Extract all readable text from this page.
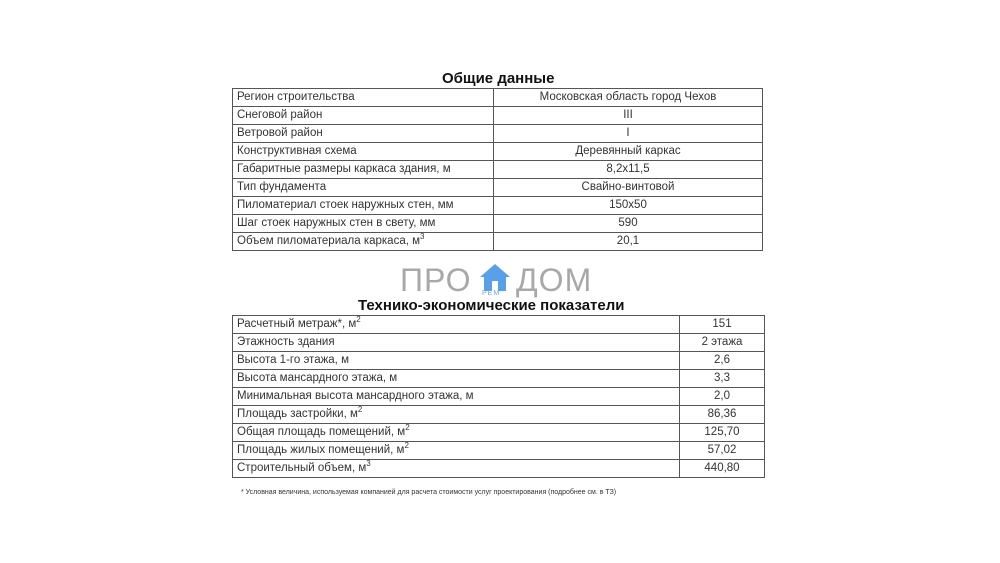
Общие данные
Регион строительства	Московская область город Чехов
Снеговой район	III
Ветровой район	I
Конструктивная схема	Деревянный каркас
Габаритные размеры каркаса здания, м	8,2х11,5
Тип фундамента	Свайно-винтовой
Пиломатериал стоек наружных стен, мм	150х50
Шаг стоек наружных стен в свету, мм	590
Объем пиломатериала каркаса, $м^3$	20,1
ПРО РЕМ ДОМ
Технико-экономические показатели
Расчетный метраж*, $м^2$	151
Этажность здания	2 этажа
Высота 1-го этажа, м	2,6
Высота мансардного этажа, м	3,3
Минимальная высота мансардного этажа, м	2,0
Площадь застройки, $м^2$	86,36
Общая площадь помещений, $м^2$	125,70
Площадь жилых помещений, $м^2$	57,02
Строительный объем, $м^3$	440,80
* Условная величина, используемая компанией для расчета стоимости услуг проектирования (подробнее см. в ТЗ)
